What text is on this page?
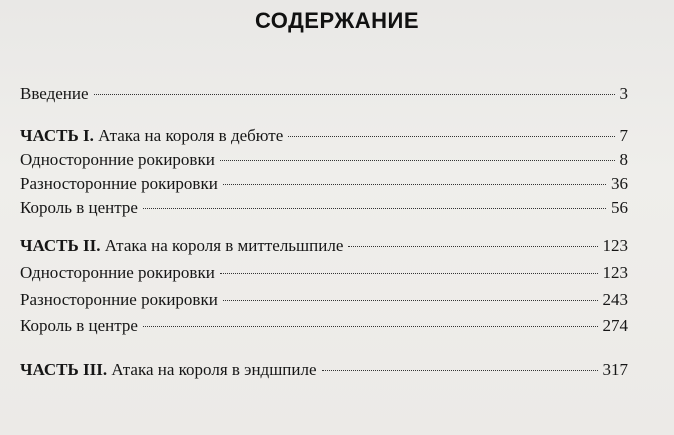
СОДЕРЖАНИЕ
Введение	3
ЧАСТЬ I. Атака на короля в дебюте	7
Односторонние рокировки	8
Разносторонние рокировки	36
Король в центре	56
ЧАСТЬ II. Атака на короля в миттельшпиле	123
Односторонние рокировки	123
Разносторонние рокировки	243
Король в центре	274
ЧАСТЬ III. Атака на короля в эндшпиле	317
